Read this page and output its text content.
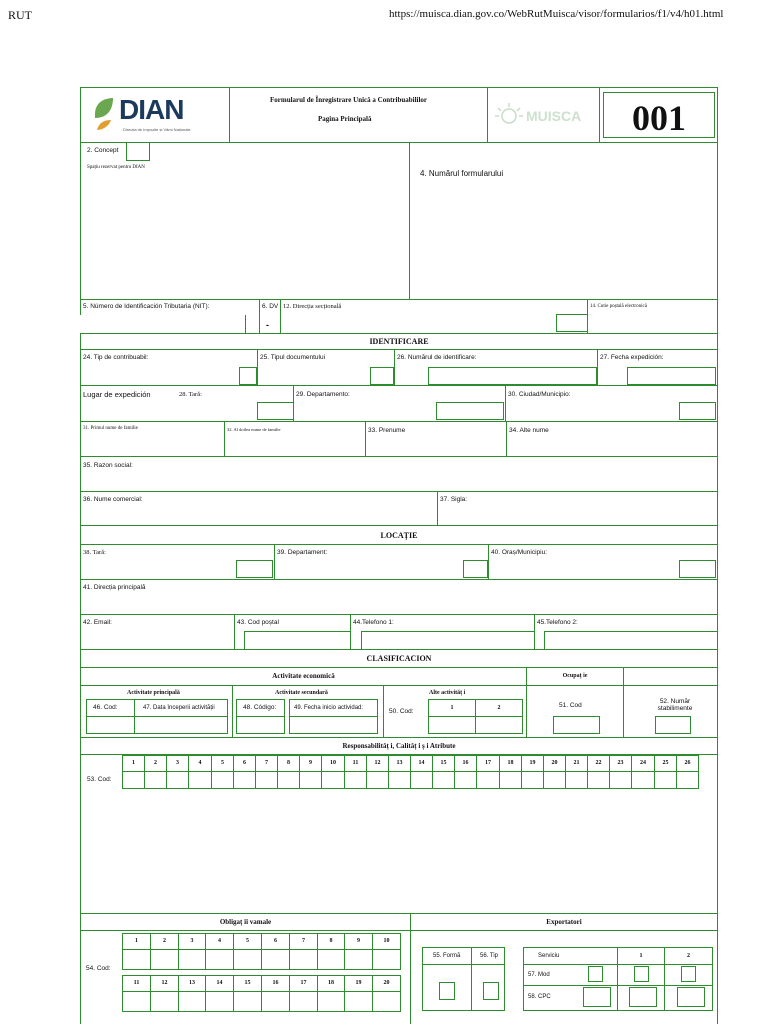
RUT	https://muisca.dian.gov.co/WebRutMuisca/visor/formularios/f1/v4/h01.html
DIAN
Direcția de Impozite și Vămi Naționale
Formularul de Înregistrare Unică a Contribuabililor
Pagina Principală	MUISCA	001
2. Concept
Spațiu rezervat pentru DIAN
4. Numărul formularului
5. Número de Identificación Tributaria (NIT):	6. DV
-
12. Direcția secțională	14. Cutie poștală electronică
IDENTIFICARE
24. Tip de contribuabil:	25. Tipul documentului	26. Numărul de identificare:	27. Fecha expedición:
Lugar de expedición	28. Tară:	29. Departamento:	30. Ciudad/Municipio:
31. Primul nume de familie	32. Al doilea nume de familie	33. Prenume	34. Alte nume
35. Razon social:
36. Nume comercial:	37. Sigla:
LOCAȚIE
38. Tară:	39. Departament:	40. Oraș/Municipiu:
41. Direcția principală
42. Email:	43. Cod poștal	44.Telefono 1:	45.Telefono 2:
CLASIFICACION
Activitate economică	Ocupaț ie
Activitate principală
46. Cod:	47. Data începerii activității
Activitate secundară
48. Código:	49. Fecha inicio actividad:
Alte activităț i
50. Cod:	1	2	51. Cod
52. Număr stabilimente
Responsabilităț i, Calităț i ș i Atribute
53. Cod:
1	2	3	4	5	6	7	8	9	10	11	12	13	14	15	16	17	18	19	20	21	22	23	24	25	26
Obligaț ii vamale	Exportatori
54. Cod:
1	2	3	4	5	6	7	8	9	10
11	12	13	14	15	16	17	18	19	20
55. Formă	56. Tip	Serviciu	1	2
57. Mod
58. CPC
